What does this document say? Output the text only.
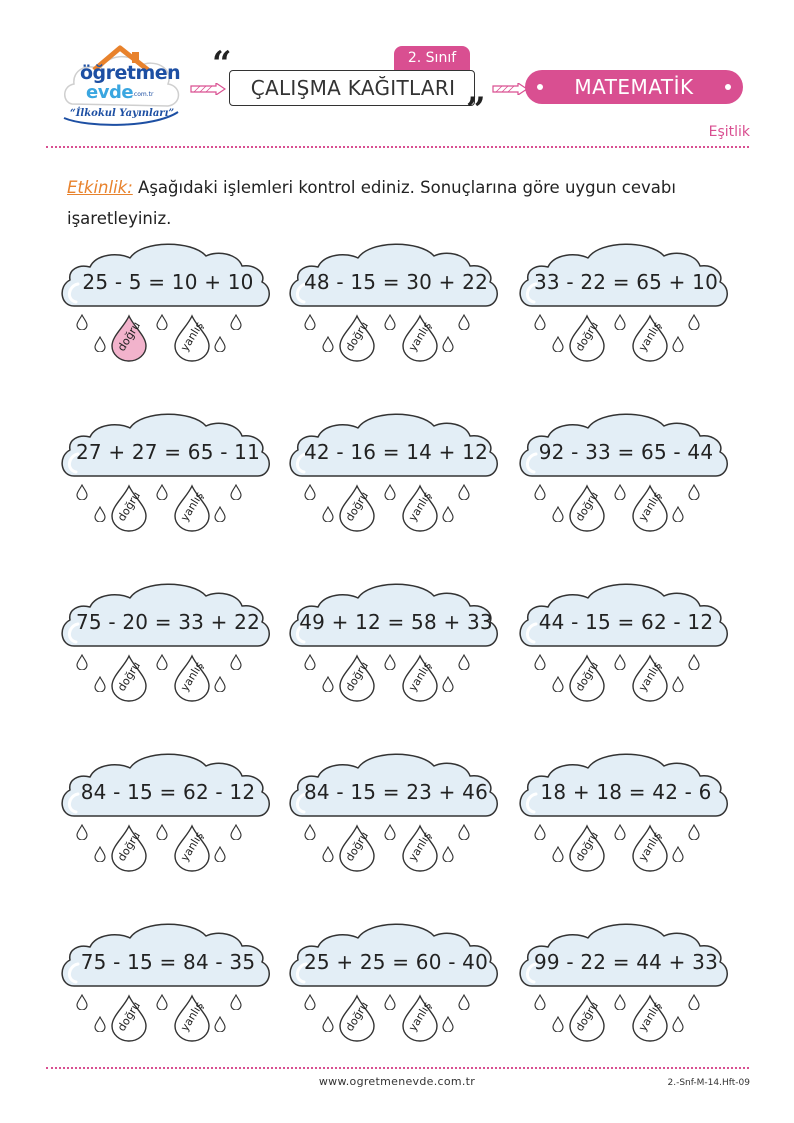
öğretmen
evde
.com.tr
“İlkokul Yayınları”
2. Sınıf
ÇALIŞMA KAĞITLARI
“
”
MATEMATİK
Eşitlik
Etkinlik: Aşağıdaki işlemleri kontrol ediniz. Sonuçlarına göre uygun cevabı işaretleyiniz.
25 - 5 = 10 + 10
doğru	yanlış
48 - 15 = 30 + 22
doğru	yanlış
33 - 22 = 65 + 10
doğru	yanlış
27 + 27 = 65 - 11
doğru	yanlış
42 - 16 = 14 + 12
doğru	yanlış
92 - 33 = 65 - 44
doğru	yanlış
75 - 20 = 33 + 22
doğru	yanlış
49 + 12 = 58 + 33
doğru	yanlış
44 - 15 = 62 - 12
doğru	yanlış
84 - 15 = 62 - 12
doğru	yanlış
84 - 15 = 23 + 46
doğru	yanlış
18 + 18 = 42 - 6
doğru	yanlış
75 - 15 = 84 - 35
doğru	yanlış
25 + 25 = 60 - 40
doğru	yanlış
99 - 22 = 44 + 33
doğru	yanlış
www.ogretmenevde.com.tr	2.-Snf-M-14.Hft-09
